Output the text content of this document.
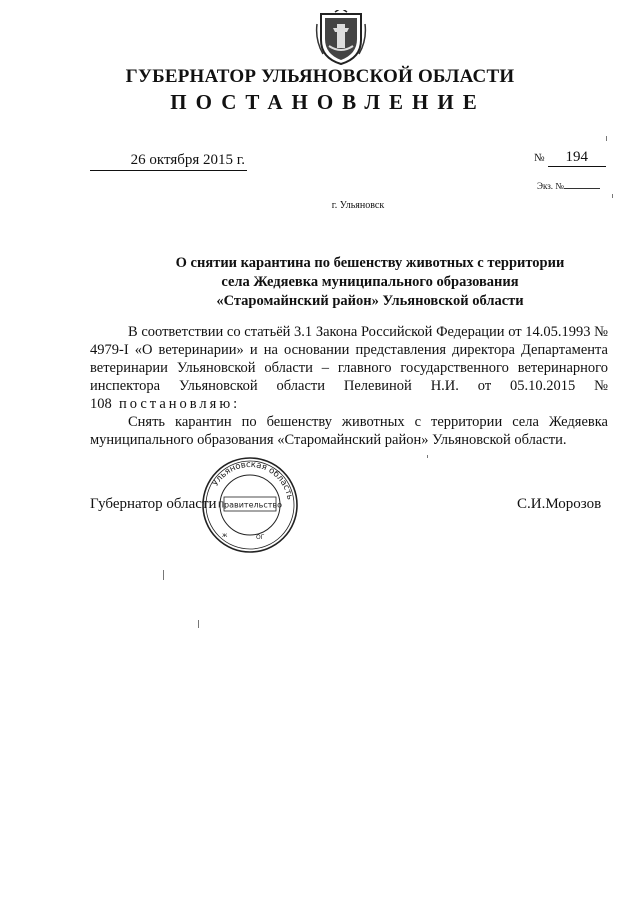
ГУБЕРНАТОР УЛЬЯНОВСКОЙ ОБЛАСТИ
ПОСТАНОВЛЕНИЕ
26 октября 2015 г.	№ 194
Экз. №
г. Ульяновск
О снятии карантина по бешенству животных с территории
села Жедяевка муниципального образования
«Старомайнский район» Ульяновской области

В соответствии со статьёй 3.1 Закона Российской Федерации от 14.05.1993 № 4979-I «О ветеринарии» и на основании представления директора Департамента ветеринарии Ульяновской области – главного государственного ветеринарного инспектора Ульяновской области Пелевиной Н.И. от 05.10.2015 № 108 постановляю:

Снять карантин по бешенству животных с территории села Жедяевка муниципального образования «Старомайнский район» Ульяновской области.

Губернатор области	С.И.Морозов
Ульяновская область
Правительство
ж	ОГ
